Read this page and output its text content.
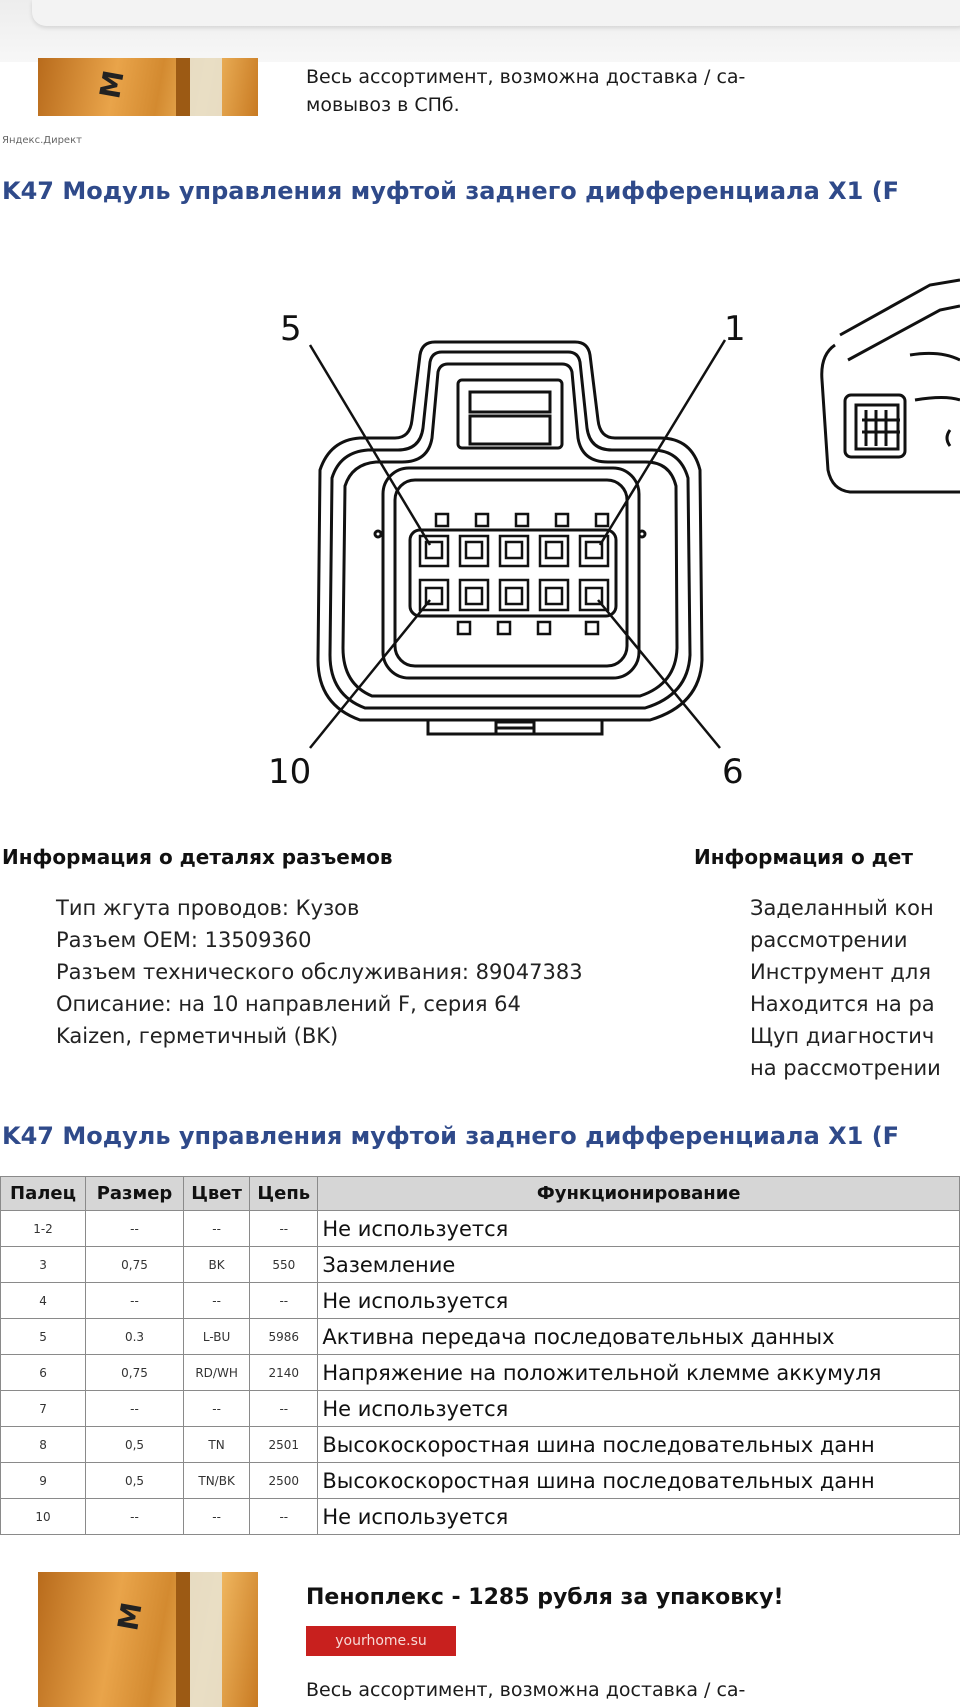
M	Весь ассортимент, возможна доставка / са-
мовывоз в СПб.
Яндекс.Директ
K47 Модуль управления муфтой заднего дифференциала X1 (F
5	1
10	6
Информация о деталях разъемов
Тип жгута проводов: Кузов
Разъем OEM: 13509360
Разъем технического обслуживания: 89047383
Описание: на 10 направлений F, серия 64
Kaizen, герметичный (BK)
Информация о дет
Заделанный кон
рассмотрении
Инструмент для
Находится на ра
Щуп диагностич
на рассмотрении
K47 Модуль управления муфтой заднего дифференциала X1 (F
Палец	Размер	Цвет	Цепь	Функционирование
1-2	--	--	--	Не используется
3	0,75	BK	550	Заземление
4	--	--	--	Не используется
5	0.3	L-BU	5986	Активна передача последовательных данных
6	0,75	RD/WH	2140	Напряжение на положительной клемме аккумуля
7	--	--	--	Не используется
8	0,5	TN	2501	Высокоскоростная шина последовательных данн
9	0,5	TN/BK	2500	Высокоскоростная шина последовательных данн
10	--	--	--	Не используется
M
Пеноплекс - 1285 рубля за упаковку!
yourhome.su
Весь ассортимент, возможна доставка / са-
